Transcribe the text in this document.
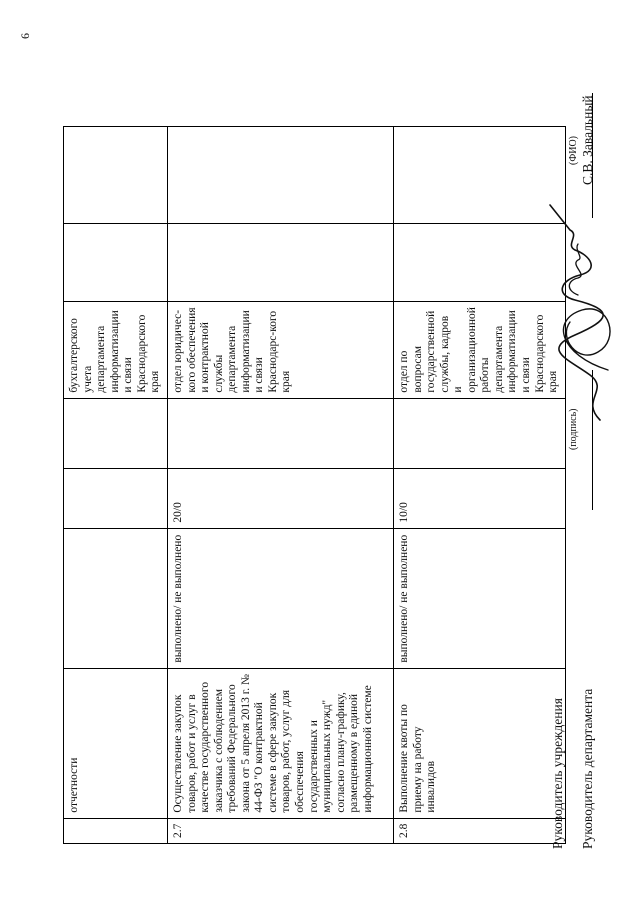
6
	отчетности				бухгалтерского учета департамента информатизации и связи Краснодарского края		
2.7	Осуществление закупок товаров, работ и услуг в качестве государственного заказчика с соблюдением требований Федерального закона от 5 апреля 2013 г. № 44-ФЗ "О контрактной системе в сфере закупок товаров, работ, услуг для обеспечения государственных и муниципальных нужд" согласно плану-графику, размещенному в единой информационной системе	выполнено/ не выполнено	20/0		отдел юридичес-кого обеспечения и контрактной службы департамента информатизации и связи Краснодарс-кого края		
2.8	Выполнение квоты по приему на работу инвалидов	выполнено/ не выполнено	10/0		отдел по вопросам государственной службы, кадров и организационной работы департамента информатизации и связи Краснодарского края		
Руководитель учреждения Руководитель департамента
(подпись)
(ФИО) С.В. Завальный
